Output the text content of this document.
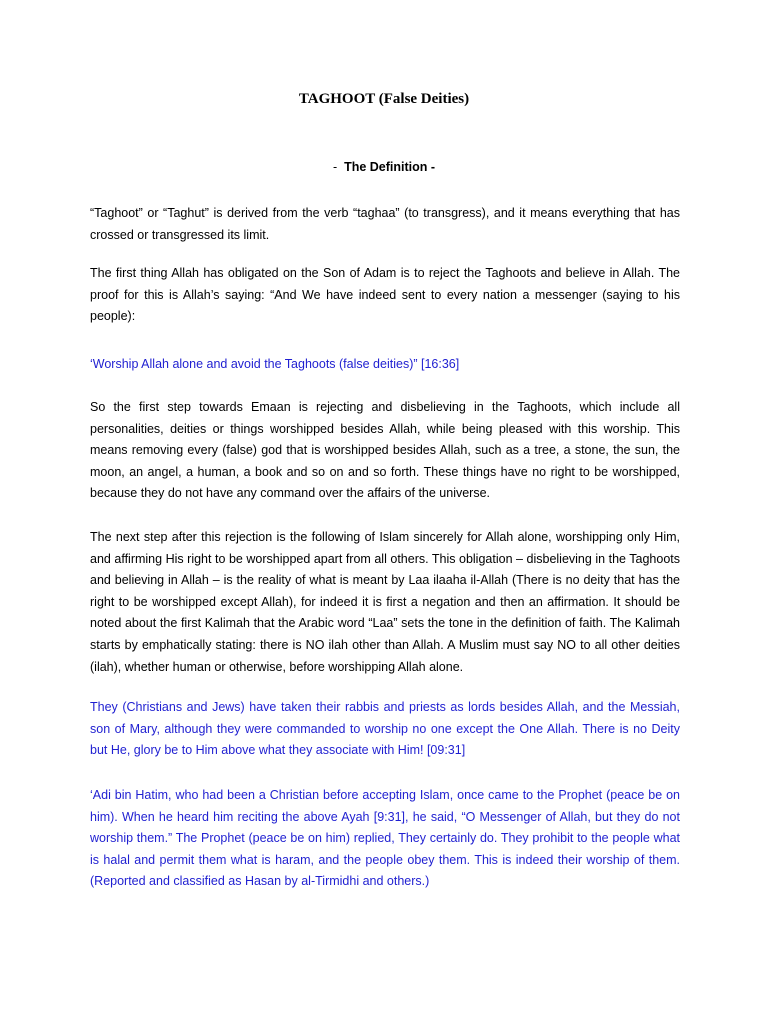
TAGHOOT (False Deities)

- The Definition -

“Taghoot” or “Taghut” is derived from the verb “taghaa” (to transgress), and it means everything that has crossed or transgressed its limit.

The first thing Allah has obligated on the Son of Adam is to reject the Taghoots and believe in Allah. The proof for this is Allah’s saying: “And We have indeed sent to every nation a messenger (saying to his people):

‘Worship Allah alone and avoid the Taghoots (false deities)” [16:36]

So the first step towards Emaan is rejecting and disbelieving in the Taghoots, which include all personalities, deities or things worshipped besides Allah, while being pleased with this worship. This means removing every (false) god that is worshipped besides Allah, such as a tree, a stone, the sun, the moon, an angel, a human, a book and so on and so forth. These things have no right to be worshipped, because they do not have any command over the affairs of the universe.

The next step after this rejection is the following of Islam sincerely for Allah alone, worshipping only Him, and affirming His right to be worshipped apart from all others. This obligation – disbelieving in the Taghoots and believing in Allah – is the reality of what is meant by Laa ilaaha il-Allah (There is no deity that has the right to be worshipped except Allah), for indeed it is first a negation and then an affirmation. It should be noted about the first Kalimah that the Arabic word “Laa” sets the tone in the definition of faith. The Kalimah starts by emphatically stating: there is NO ilah other than Allah. A Muslim must say NO to all other deities (ilah), whether human or otherwise, before worshipping Allah alone.

They (Christians and Jews) have taken their rabbis and priests as lords besides Allah, and the Messiah, son of Mary, although they were commanded to worship no one except the One Allah. There is no Deity but He, glory be to Him above what they associate with Him! [09:31]

‘Adi bin Hatim, who had been a Christian before accepting Islam, once came to the Prophet (peace be on him). When he heard him reciting the above Ayah [9:31], he said, “O Messenger of Allah, but they do not worship them.” The Prophet (peace be on him) replied, They certainly do. They prohibit to the people what is halal and permit them what is haram, and the people obey them. This is indeed their worship of them. (Reported and classified as Hasan by al-Tirmidhi and others.)
